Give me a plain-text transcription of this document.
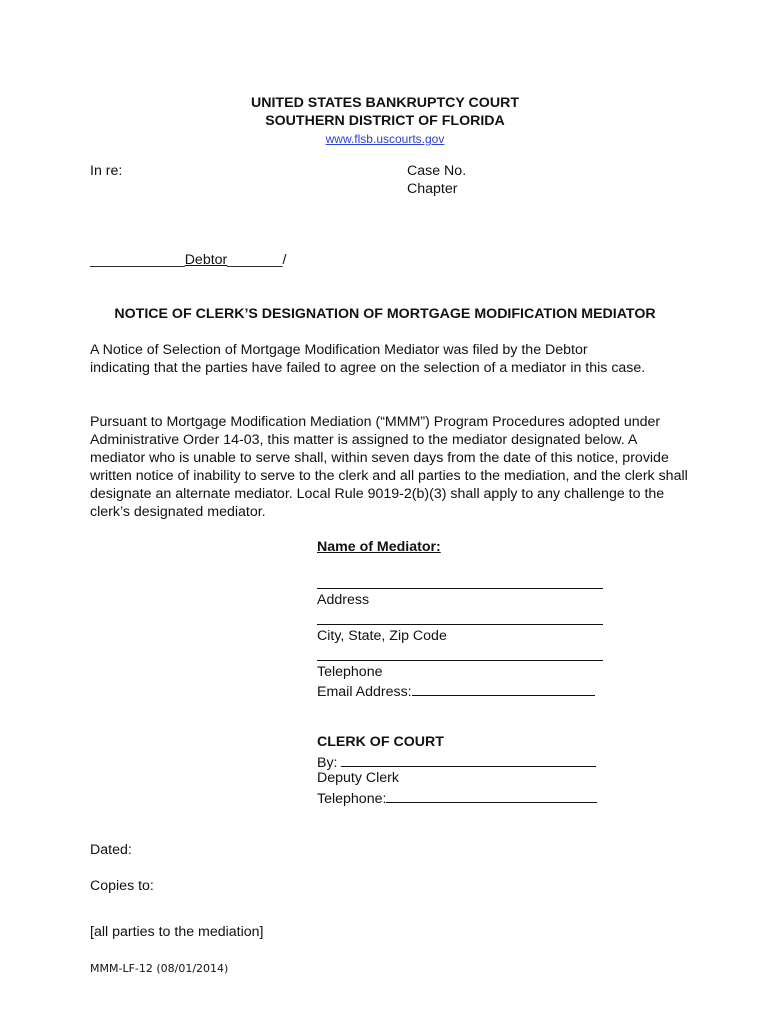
UNITED STATES BANKRUPTCY COURT
SOUTHERN DISTRICT OF FLORIDA
www.flsb.uscourts.gov
In re:	Case No.
Chapter
____________Debtor_______/
NOTICE OF CLERK’S DESIGNATION OF MORTGAGE MODIFICATION MEDIATOR
A Notice of Selection of Mortgage Modification Mediator was filed by the Debtor indicating that the parties have failed to agree on the selection of a mediator in this case.
Pursuant to Mortgage Modification Mediation (“MMM”) Program Procedures adopted under Administrative Order 14-03, this matter is assigned to the mediator designated below. A mediator who is unable to serve shall, within seven days from the date of this notice, provide written notice of inability to serve to the clerk and all parties to the mediation, and the clerk shall designate an alternate mediator. Local Rule 9019-2(b)(3) shall apply to any challenge to the clerk’s designated mediator.
Name of Mediator:
Address
City, State, Zip Code
Telephone
Email Address:
CLERK OF COURT
By:
Deputy Clerk
Telephone:
Dated:
Copies to:
[all parties to the mediation]
MMM-LF-12 (08/01/2014)
